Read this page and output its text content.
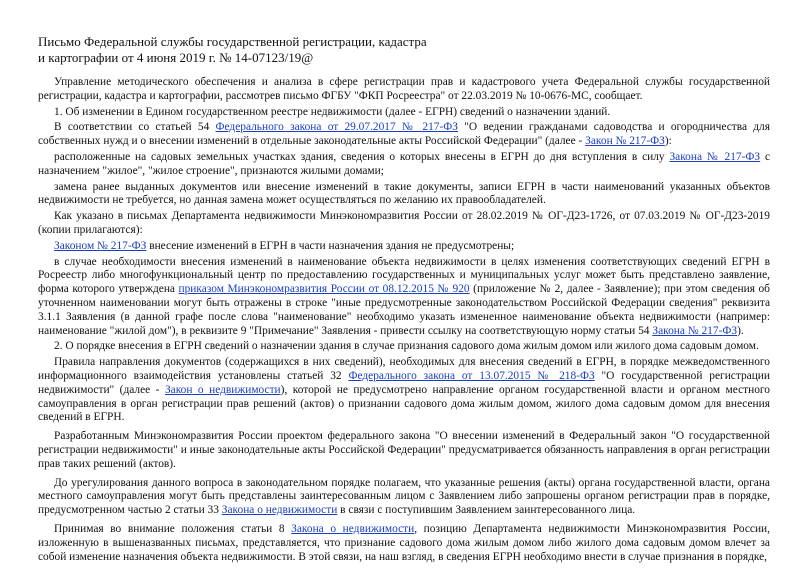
Письмо Федеральной службы государственной регистрации, кадастра
и картографии от 4 июня 2019 г. № 14-07123/19@

Управление методического обеспечения и анализа в сфере регистрации прав и кадастрового учета Федеральной службы государственной регистрации, кадастра и картографии, рассмотрев письмо ФГБУ "ФКП Росреестра" от 22.03.2019 № 10-0676-МС, сообщает.

1. Об изменении в Едином государственном реестре недвижимости (далее - ЕГРН) сведений о назначении зданий.

В соответствии со статьей 54 Федерального закона от 29.07.2017 № 217-ФЗ "О ведении гражданами садоводства и огородничества для собственных нужд и о внесении изменений в отдельные законодательные акты Российской Федерации" (далее - Закон № 217-ФЗ):

расположенные на садовых земельных участках здания, сведения о которых внесены в ЕГРН до дня вступления в силу Закона № 217-ФЗ с назначением "жилое", "жилое строение", признаются жилыми домами;

замена ранее выданных документов или внесение изменений в такие документы, записи ЕГРН в части наименований указанных объектов недвижимости не требуется, но данная замена может осуществляться по желанию их правообладателей.

Как указано в письмах Департамента недвижимости Минэкономразвития России от 28.02.2019 № ОГ-Д23-1726, от 07.03.2019 № ОГ-Д23-2019 (копии прилагаются):

Законом № 217-ФЗ внесение изменений в ЕГРН в части назначения здания не предусмотрены;

в случае необходимости внесения изменений в наименование объекта недвижимости в целях изменения соответствующих сведений ЕГРН в Росреестр либо многофункциональный центр по предоставлению государственных и муниципальных услуг может быть представлено заявление, форма которого утверждена приказом Минэкономразвития России от 08.12.2015 № 920 (приложение № 2, далее - Заявление); при этом сведения об уточненном наименовании могут быть отражены в строке "иные предусмотренные законодательством Российской Федерации сведения" реквизита 3.1.1 Заявления (в данной графе после слова "наименование" необходимо указать измененное наименование объекта недвижимости (например: наименование "жилой дом"), в реквизите 9 "Примечание" Заявления - привести ссылку на соответствующую норму статьи 54 Закона № 217-ФЗ).

2. О порядке внесения в ЕГРН сведений о назначении здания в случае признания садового дома жилым домом или жилого дома садовым домом.

Правила направления документов (содержащихся в них сведений), необходимых для внесения сведений в ЕГРН, в порядке межведомственного информационного взаимодействия установлены статьей 32 Федерального закона от 13.07.2015 № 218-ФЗ "О государственной регистрации недвижимости" (далее - Закон о недвижимости), которой не предусмотрено направление органом государственной власти и органом местного самоуправления в орган регистрации прав решений (актов) о признании садового дома жилым домом, жилого дома садовым домом для внесения сведений в ЕГРН.

Разработанным Минэкономразвития России проектом федерального закона "О внесении изменений в Федеральный закон "О государственной регистрации недвижимости" и иные законодательные акты Российской Федерации" предусматривается обязанность направления в орган регистрации прав таких решений (актов).

До урегулирования данного вопроса в законодательном порядке полагаем, что указанные решения (акты) органа государственной власти, органа местного самоуправления могут быть представлены заинтересованным лицом с Заявлением либо запрошены органом регистрации прав в порядке, предусмотренном частью 2 статьи 33 Закона о недвижимости в связи с поступившим Заявлением заинтересованного лица.

Принимая во внимание положения статьи 8 Закона о недвижимости, позицию Департамента недвижимости Минэкономразвития России, изложенную в вышеназванных письмах, представляется, что признание садового дома жилым домом либо жилого дома садовым домом влечет за собой изменение назначения объекта недвижимости. В этой связи, на наш взгляд, в сведения ЕГРН необходимо внести в случае признания в порядке,
